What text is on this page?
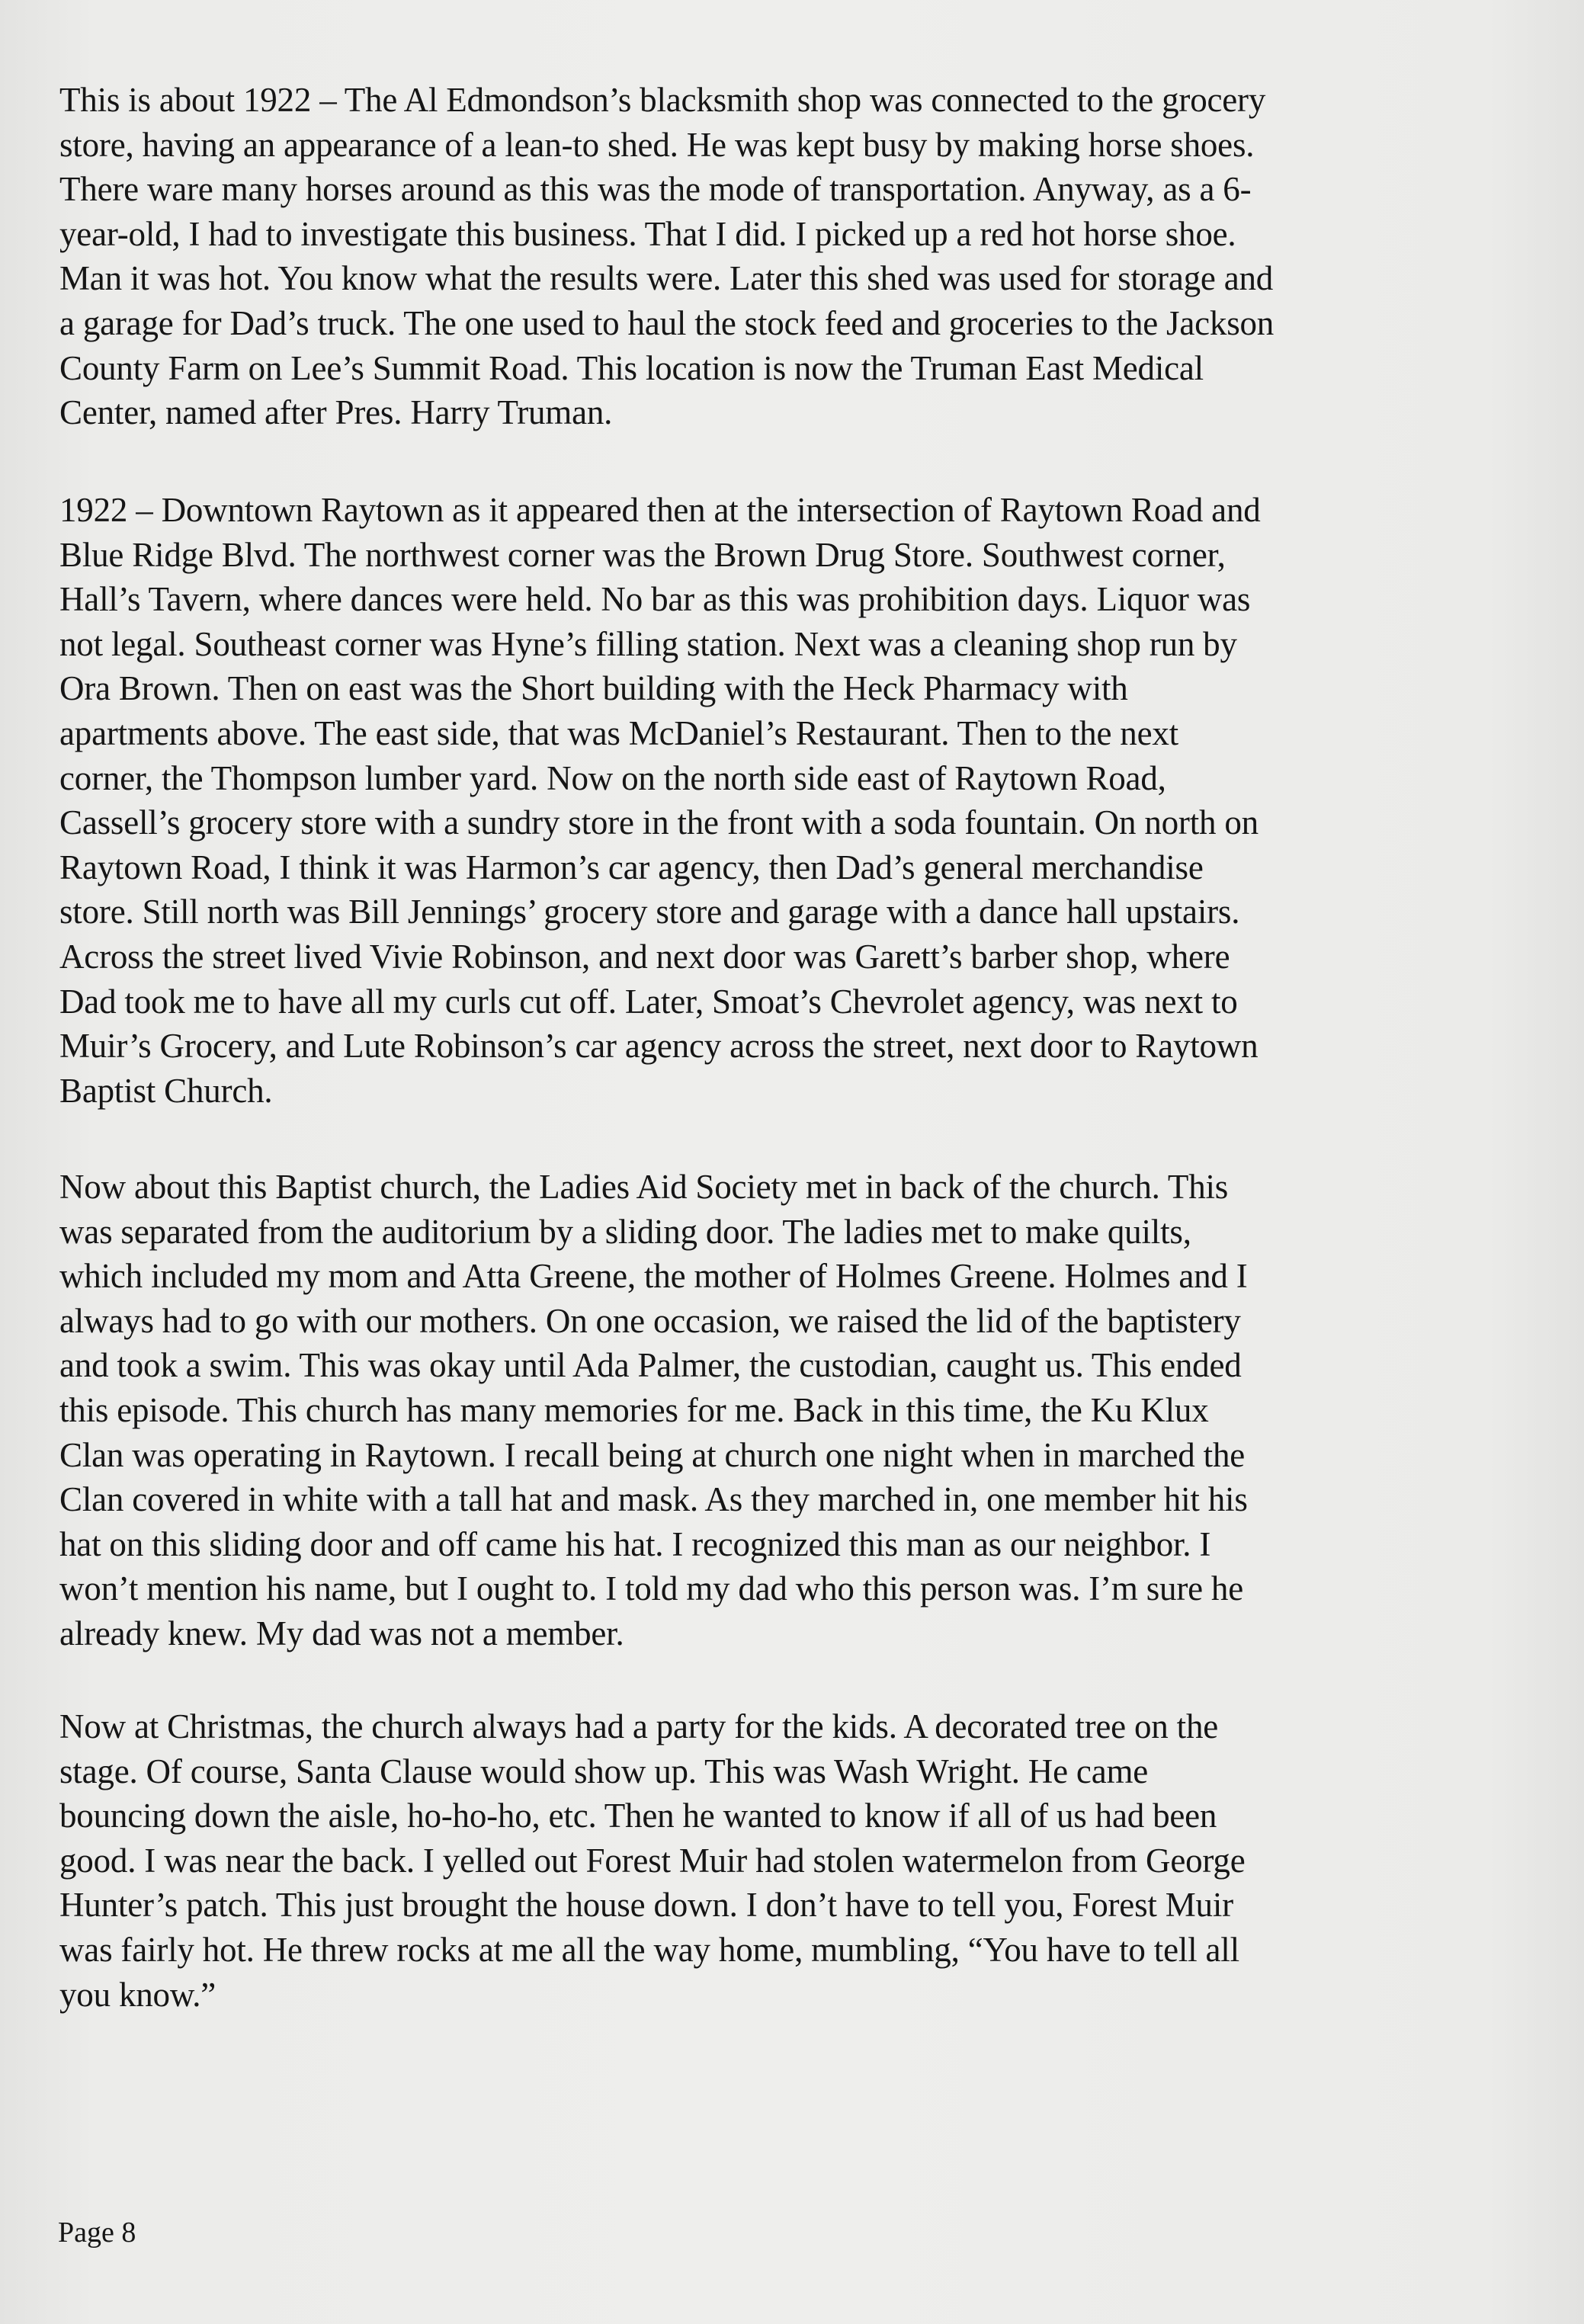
This is about 1922 – The Al Edmondson’s blacksmith shop was connected to the grocery
store, having an appearance of a lean-to shed. He was kept busy by making horse shoes.
There ware many horses around as this was the mode of transportation. Anyway, as a 6-
year-old, I had to investigate this business. That I did. I picked up a red hot horse shoe.
Man it was hot. You know what the results were. Later this shed was used for storage and
a garage for Dad’s truck. The one used to haul the stock feed and groceries to the Jackson
County Farm on Lee’s Summit Road. This location is now the Truman East Medical
Center, named after Pres. Harry Truman.

1922 – Downtown Raytown as it appeared then at the intersection of Raytown Road and
Blue Ridge Blvd. The northwest corner was the Brown Drug Store. Southwest corner,
Hall’s Tavern, where dances were held. No bar as this was prohibition days. Liquor was
not legal. Southeast corner was Hyne’s filling station. Next was a cleaning shop run by
Ora Brown. Then on east was the Short building with the Heck Pharmacy with
apartments above. The east side, that was McDaniel’s Restaurant. Then to the next
corner, the Thompson lumber yard. Now on the north side east of Raytown Road,
Cassell’s grocery store with a sundry store in the front with a soda fountain. On north on
Raytown Road, I think it was Harmon’s car agency, then Dad’s general merchandise
store. Still north was Bill Jennings’ grocery store and garage with a dance hall upstairs.
Across the street lived Vivie Robinson, and next door was Garett’s barber shop, where
Dad took me to have all my curls cut off. Later, Smoat’s Chevrolet agency, was next to
Muir’s Grocery, and Lute Robinson’s car agency across the street, next door to Raytown
Baptist Church.

Now about this Baptist church, the Ladies Aid Society met in back of the church. This
was separated from the auditorium by a sliding door. The ladies met to make quilts,
which included my mom and Atta Greene, the mother of Holmes Greene. Holmes and I
always had to go with our mothers. On one occasion, we raised the lid of the baptistery
and took a swim. This was okay until Ada Palmer, the custodian, caught us. This ended
this episode. This church has many memories for me. Back in this time, the Ku Klux
Clan was operating in Raytown. I recall being at church one night when in marched the
Clan covered in white with a tall hat and mask. As they marched in, one member hit his
hat on this sliding door and off came his hat. I recognized this man as our neighbor. I
won’t mention his name, but I ought to. I told my dad who this person was. I’m sure he
already knew. My dad was not a member.

Now at Christmas, the church always had a party for the kids. A decorated tree on the
stage. Of course, Santa Clause would show up. This was Wash Wright. He came
bouncing down the aisle, ho-ho-ho, etc. Then he wanted to know if all of us had been
good. I was near the back. I yelled out Forest Muir had stolen watermelon from George
Hunter’s patch. This just brought the house down. I don’t have to tell you, Forest Muir
was fairly hot. He threw rocks at me all the way home, mumbling, “You have to tell all
you know.”

Page 8
